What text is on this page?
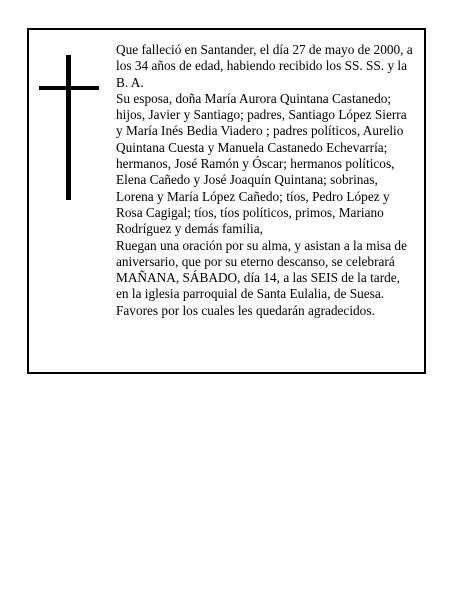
Que falleció en Santander, el día 27 de mayo de 2000, a

los 34 años de edad, habiendo recibido los SS. SS. y la

B. A.

Su esposa, doña María Aurora Quintana Castanedo;

hijos, Javier y Santiago; padres, Santiago López Sierra

y María Inés Bedia Viadero ; padres políticos, Aurelio

Quintana Cuesta y Manuela Castanedo Echevarría;

hermanos, José Ramón y Óscar; hermanos políticos,

Elena Cañedo y José Joaquín Quintana; sobrinas,

Lorena y María López Cañedo; tíos, Pedro López y

Rosa Cagigal; tíos, tíos políticos, primos, Mariano

Rodríguez y demás familia,

Ruegan una oración por su alma, y asistan a la misa de

aniversario, que por su eterno descanso, se celebrará

MAÑANA, SÁBADO, día 14, a las SEIS de la tarde,

en la iglesia parroquial de Santa Eulalia, de Suesa.

Favores por los cuales les quedarán agradecidos.
